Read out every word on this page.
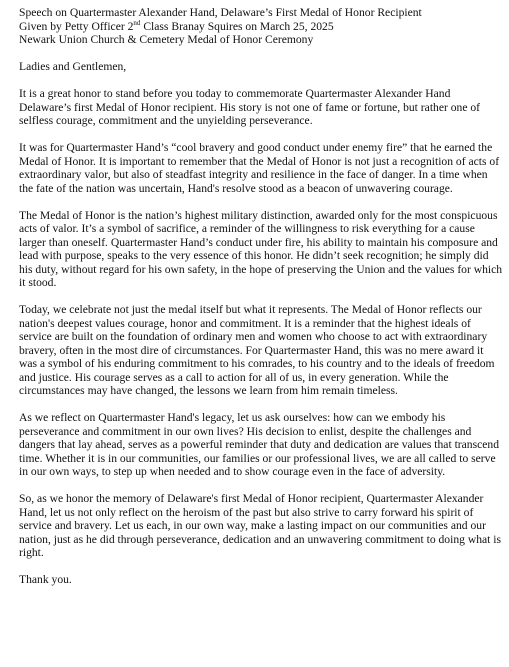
Speech on Quartermaster Alexander Hand, Delaware’s First Medal of Honor Recipient

Given by Petty Officer 2nd Class Branay Squires on March 25, 2025

Newark Union Church & Cemetery Medal of Honor Ceremony

Ladies and Gentlemen,

It is a great honor to stand before you today to commemorate Quartermaster Alexander Hand Delaware’s first Medal of Honor recipient. His story is not one of fame or fortune, but rather one of selfless courage, commitment and the unyielding perseverance.

It was for Quartermaster Hand’s “cool bravery and good conduct under enemy fire” that he earned the Medal of Honor. It is important to remember that the Medal of Honor is not just a recognition of acts of extraordinary valor, but also of steadfast integrity and resilience in the face of danger. In a time when the fate of the nation was uncertain, Hand's resolve stood as a beacon of unwavering courage.

The Medal of Honor is the nation’s highest military distinction, awarded only for the most conspicuous acts of valor. It’s a symbol of sacrifice, a reminder of the willingness to risk everything for a cause larger than oneself. Quartermaster Hand’s conduct under fire, his ability to maintain his composure and lead with purpose, speaks to the very essence of this honor. He didn’t seek recognition; he simply did his duty, without regard for his own safety, in the hope of preserving the Union and the values for which it stood.

Today, we celebrate not just the medal itself but what it represents. The Medal of Honor reflects our nation's deepest values courage, honor and commitment. It is a reminder that the highest ideals of service are built on the foundation of ordinary men and women who choose to act with extraordinary bravery, often in the most dire of circumstances. For Quartermaster Hand, this was no mere award it was a symbol of his enduring commitment to his comrades, to his country and to the ideals of freedom and justice. His courage serves as a call to action for all of us, in every generation. While the circumstances may have changed, the lessons we learn from him remain timeless.

As we reflect on Quartermaster Hand's legacy, let us ask ourselves: how can we embody his perseverance and commitment in our own lives? His decision to enlist, despite the challenges and dangers that lay ahead, serves as a powerful reminder that duty and dedication are values that transcend time. Whether it is in our communities, our families or our professional lives, we are all called to serve in our own ways, to step up when needed and to show courage even in the face of adversity.

So, as we honor the memory of Delaware's first Medal of Honor recipient, Quartermaster Alexander Hand, let us not only reflect on the heroism of the past but also strive to carry forward his spirit of service and bravery. Let us each, in our own way, make a lasting impact on our communities and our nation, just as he did through perseverance, dedication and an unwavering commitment to doing what is right.

Thank you.
